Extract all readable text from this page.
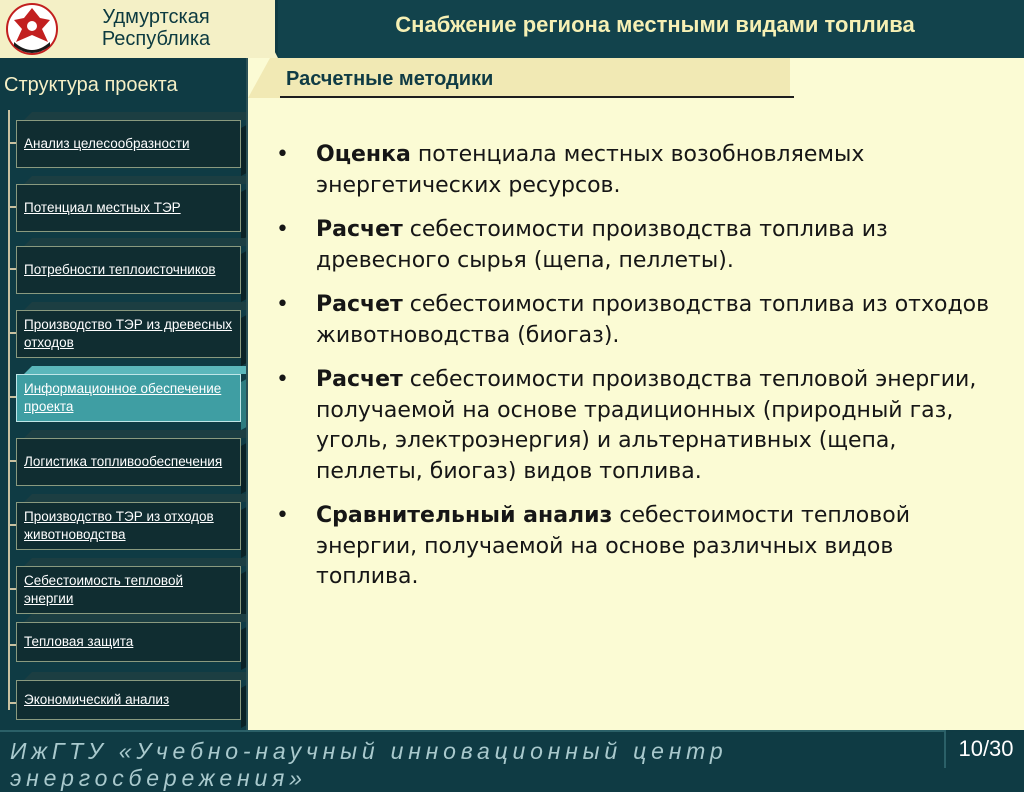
Удмуртская
Республика
Снабжение региона местными видами топлива
Структура проекта
Анализ целесообразности
Потенциал местных ТЭР
Потребности теплоисточников
Производство ТЭР из древесных отходов
Информационное обеспечение проекта
Логистика топливообеспечения
Производство ТЭР из отходов животноводства
Себестоимость тепловой энергии
Тепловая защита
Экономический анализ
Расчетные методики
• Оценка потенциала местных возобновляемых энергетических ресурсов.
• Расчет себестоимости производства топлива из древесного сырья (щепа, пеллеты).
• Расчет себестоимости производства топлива из отходов животноводства (биогаз).
• Расчет себестоимости производства тепловой энергии, получаемой на основе традиционных (природный газ, уголь, электроэнергия) и альтернативных (щепа, пеллеты, биогаз) видов топлива.
• Сравнительный анализ себестоимости тепловой энергии, получаемой на основе различных видов топлива.
ИжГТУ «Учебно-научный инновационный центр энергосбережения»
10/30
